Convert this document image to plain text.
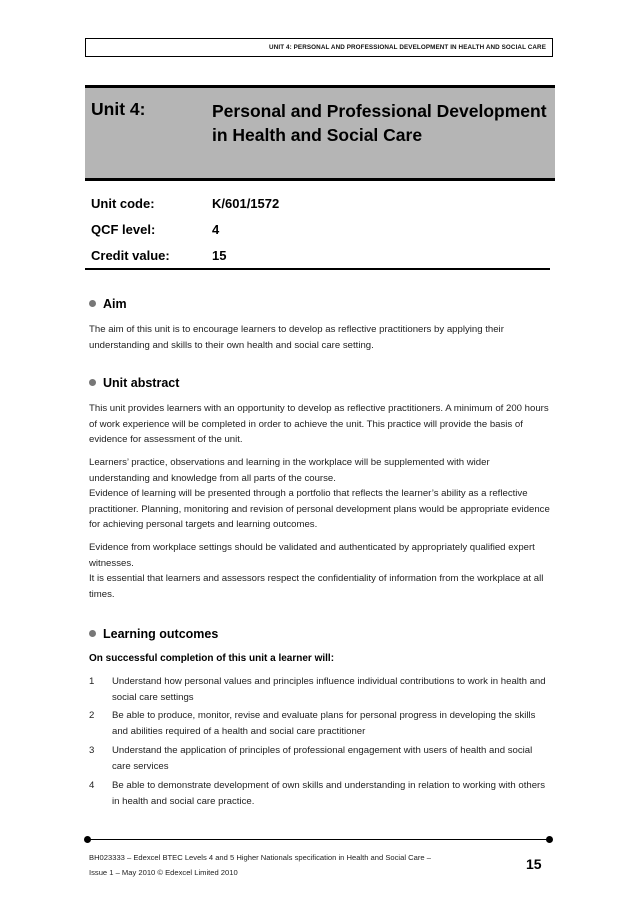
UNIT 4: PERSONAL AND PROFESSIONAL DEVELOPMENT IN HEALTH AND SOCIAL CARE
Unit 4:	Personal and Professional Development in Health and Social Care
Unit code:	K/601/1572
QCF level:	4
Credit value:	15
Aim
The aim of this unit is to encourage learners to develop as reflective practitioners by applying their understanding and skills to their own health and social care setting.
Unit abstract
This unit provides learners with an opportunity to develop as reflective practitioners. A minimum of 200 hours of work experience will be completed in order to achieve the unit. This practice will provide the basis of evidence for assessment of the unit.
Learners’ practice, observations and learning in the workplace will be supplemented with wider understanding and knowledge from all parts of the course.
Evidence of learning will be presented through a portfolio that reflects the learner’s ability as a reflective practitioner. Planning, monitoring and revision of personal development plans would be appropriate evidence for achieving personal targets and learning outcomes.
Evidence from workplace settings should be validated and authenticated by appropriately qualified expert witnesses.
It is essential that learners and assessors respect the confidentiality of information from the workplace at all times.
Learning outcomes
On successful completion of this unit a learner will:
1 Understand how personal values and principles influence individual contributions to work in health and social care settings
2 Be able to produce, monitor, revise and evaluate plans for personal progress in developing the skills and abilities required of a health and social care practitioner
3 Understand the application of principles of professional engagement with users of health and social care services
4 Be able to demonstrate development of own skills and understanding in relation to working with others in health and social care practice.
BH023333 – Edexcel BTEC Levels 4 and 5 Higher Nationals specification in Health and Social Care –
Issue 1 – May 2010 © Edexcel Limited 2010	15
